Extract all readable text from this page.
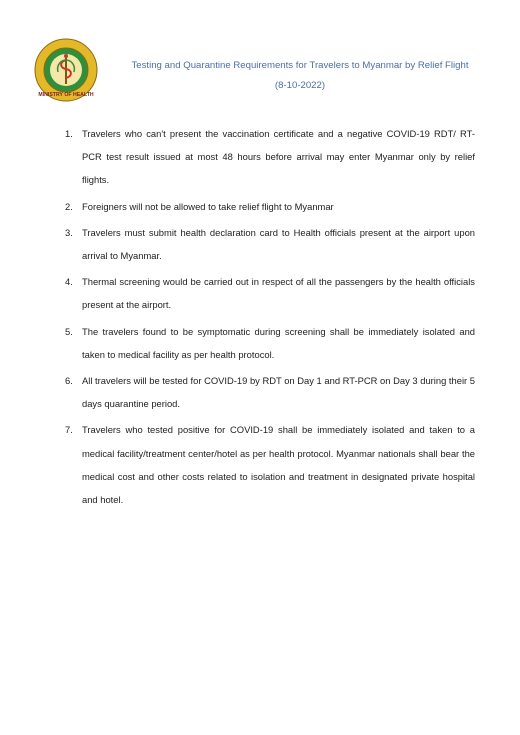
MINISTRY OF HEALTH
Testing and Quarantine Requirements for Travelers to Myanmar by Relief Flight
(8-10-2022)
1. Travelers who can't present the vaccination certificate and a negative COVID-19 RDT/ RT-PCR test result issued at most 48 hours before arrival may enter Myanmar only by relief flights.
2. Foreigners will not be allowed to take relief flight to Myanmar
3. Travelers must submit health declaration card to Health officials present at the airport upon arrival to Myanmar.
4. Thermal screening would be carried out in respect of all the passengers by the health officials present at the airport.
5. The travelers found to be symptomatic during screening shall be immediately isolated and taken to medical facility as per health protocol.
6. All travelers will be tested for COVID-19 by RDT on Day 1 and RT-PCR on Day 3 during their 5 days quarantine period.
7. Travelers who tested positive for COVID-19 shall be immediately isolated and taken to a medical facility/treatment center/hotel as per health protocol. Myanmar nationals shall bear the medical cost and other costs related to isolation and treatment in designated private hospital and hotel.
